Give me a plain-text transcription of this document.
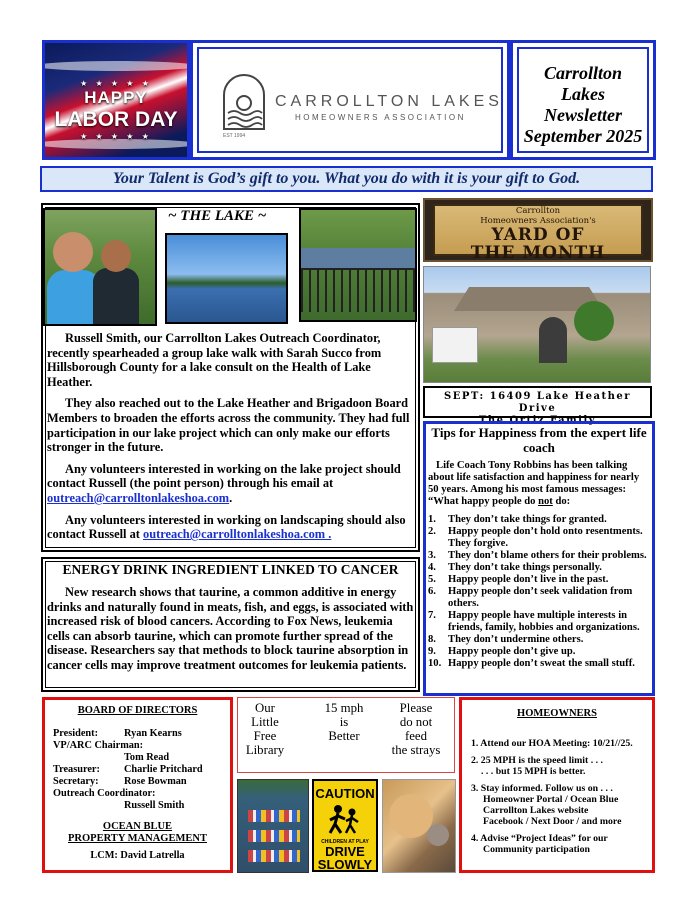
★ ★ ★ ★ ★
HAPPY
LABOR DAY
★ ★ ★ ★ ★
CARROLLTON LAKES
HOMEOWNERS ASSOCIATION
EST 1994
Carrollton
Lakes
Newsletter
September 2025
Your Talent is God’s gift to you. What you do with it is your gift to God.
~ THE LAKE ~

Russell Smith, our Carrollton Lakes Outreach Coordinator, recently spearheaded a group lake walk with Sarah Succo from Hillsborough County for a lake consult on the Health of Lake Heather.

They also reached out to the Lake Heather and Brigadoon Board Members to broaden the efforts across the community. They had full participation in our lake project which can only make our efforts stronger in the future.

Any volunteers interested in working on the lake project should contact Russell (the point person) through his email at outreach@carrolltonlakeshoa.com.

Any volunteers interested in working on landscaping should also contact Russell at outreach@carrolltonlakeshoa.com .

ENERGY DRINK INGREDIENT LINKED TO CANCER
New research shows that taurine, a common additive in energy drinks and naturally found in meats, fish, and eggs, is associated with increased risk of blood cancers. According to Fox News, leukemia cells can absorb taurine, which can promote further spread of the disease. Researchers say that methods to block taurine absorption in cancer cells may improve treatment outcomes for leukemia patients.
Carrollton
Homeowners Association's
YARD OF
THE MONTH
SEPT: 16409 Lake Heather Drive
The Ortiz Family
Tips for Happiness from the expert life coach
Life Coach Tony Robbins has been talking about life satisfaction and happiness for nearly 50 years. Among his most famous messages: “What happy people do not do:
1. They don’t take things for granted.
2. Happy people don’t hold onto resentments. They forgive.
3. They don’t blame others for their problems.
4. They don’t take things personally.
5. Happy people don’t live in the past.
6. Happy people don’t seek validation from others.
7. Happy people have multiple interests in friends, family, hobbies and organizations.
8. They don’t undermine others.
9. Happy people don’t give up.
10. Happy people don’t sweat the small stuff.
BOARD OF DIRECTORS
President:	Ryan Kearns
VP/ARC Chairman:
Tom Read
Treasurer: Charlie Pritchard
Secretary: Rose Bowman
Outreach Coordinator:
Russell Smith
OCEAN BLUE
PROPERTY MANAGEMENT
LCM: David Latrella
Our
Little
Free
Library
15 mph
is
Better
Please
do not
feed
the strays
CAUTION
CHILDREN AT PLAY
DRIVE
SLOWLY
HOMEOWNERS
1. Attend our HOA Meeting: 10/21//25.
2. 25 MPH is the speed limit . . .
. . . but 15 MPH is better.
3. Stay informed. Follow us on . . .
Homeowner Portal / Ocean Blue
Carrollton Lakes website
Facebook / Next Door / and more
4. Advise “Project Ideas” for our
Community participation
